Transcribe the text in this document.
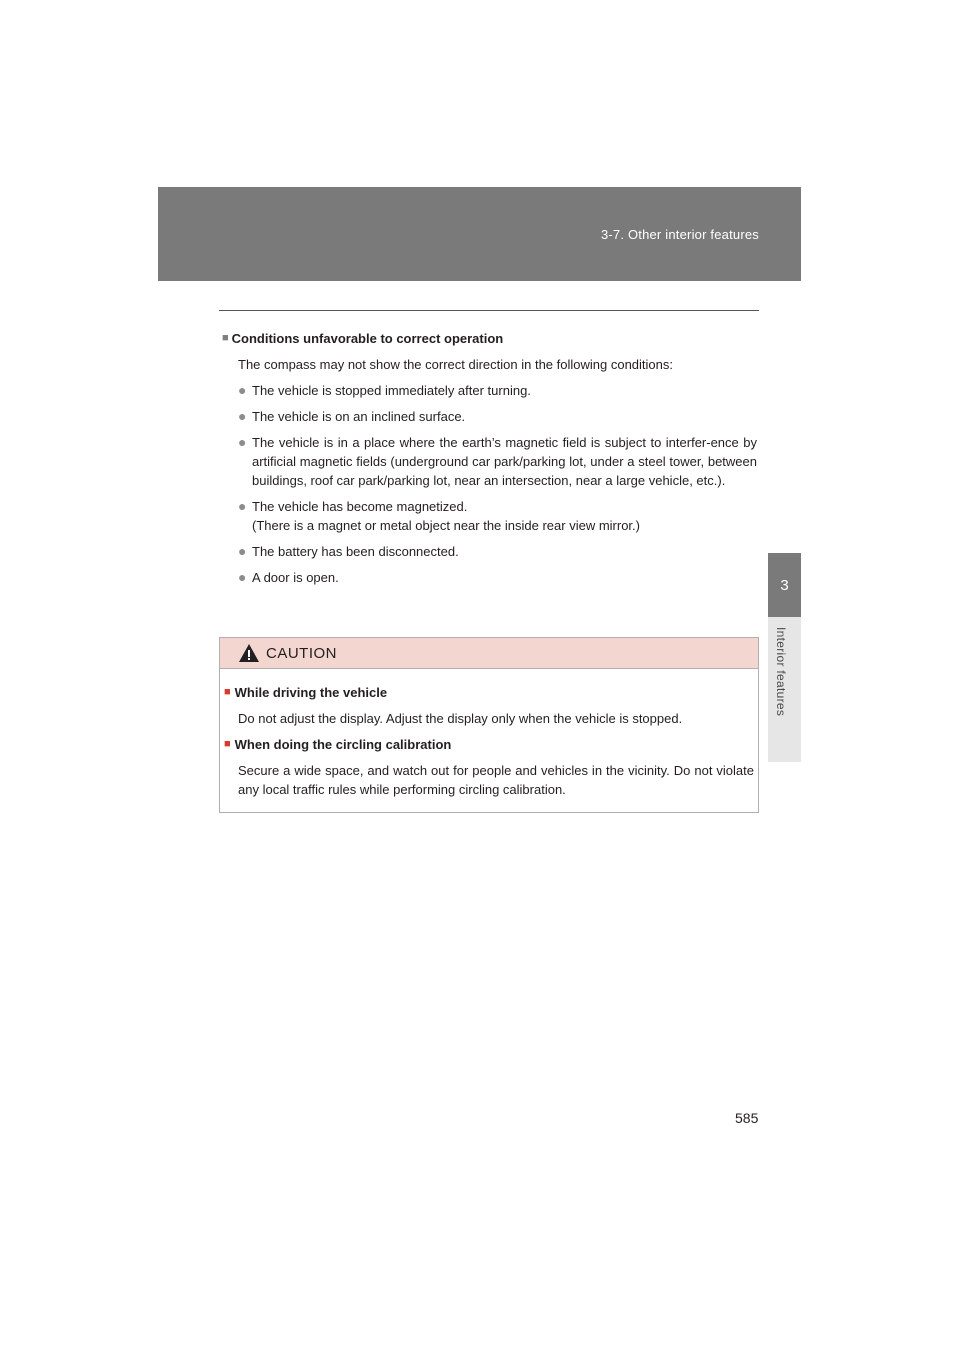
3-7. Other interior features
3
Interior features
■ Conditions unfavorable to correct operation
The compass may not show the correct direction in the following conditions:
● The vehicle is stopped immediately after turning.
● The vehicle is on an inclined surface.
● The vehicle is in a place where the earth’s magnetic field is subject to interfer-ence by artificial magnetic fields (underground car park/parking lot, under a steel tower, between buildings, roof car park/parking lot, near an intersection, near a large vehicle, etc.).
● The vehicle has become magnetized.
(There is a magnet or metal object near the inside rear view mirror.)
● The battery has been disconnected.
● A door is open.
CAUTION
■ While driving the vehicle
Do not adjust the display. Adjust the display only when the vehicle is stopped.
■ When doing the circling calibration
Secure a wide space, and watch out for people and vehicles in the vicinity. Do not violate any local traffic rules while performing circling calibration.
585
